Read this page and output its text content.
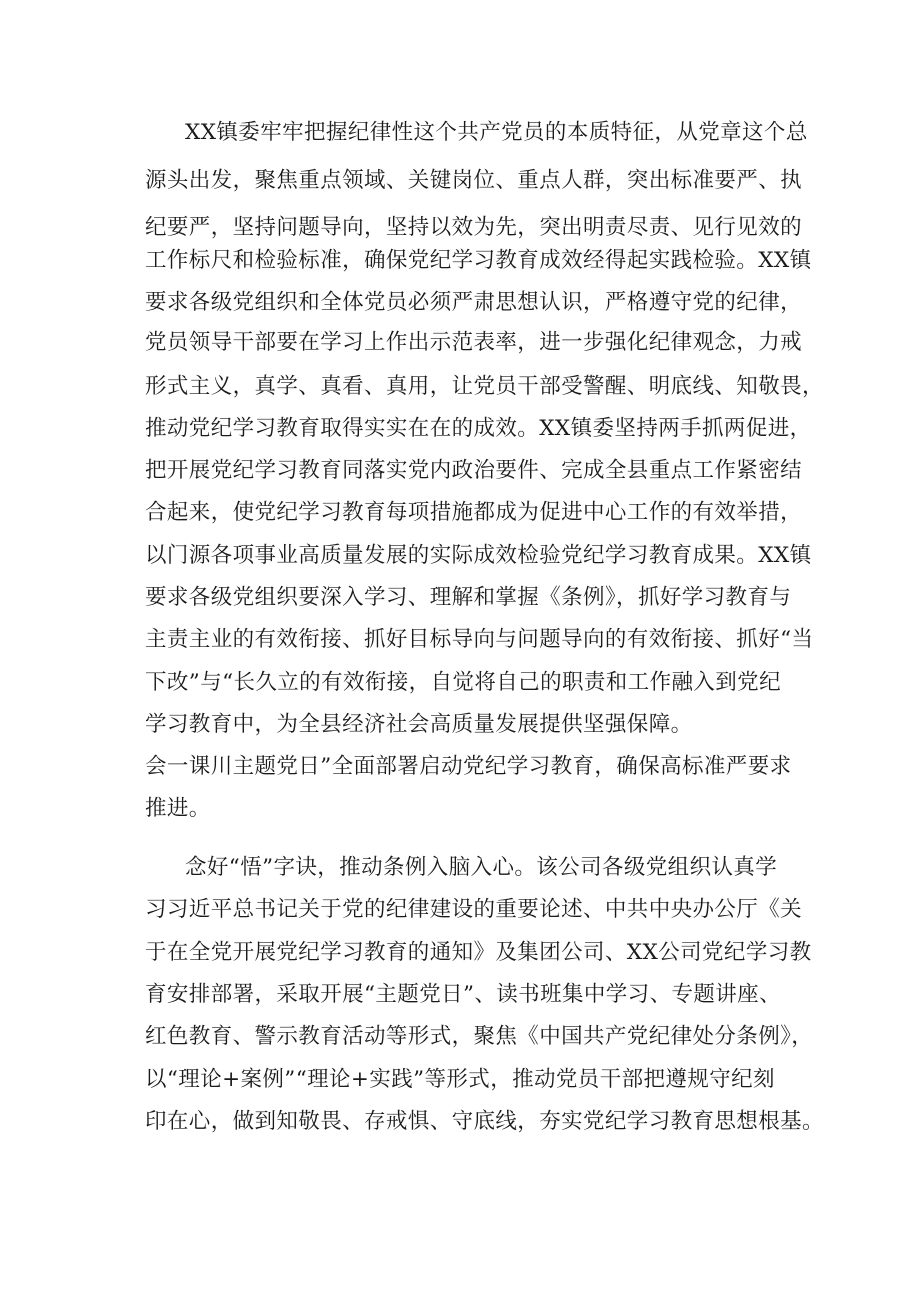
XX镇委牢牢把握纪律性这个共产党员的本质特征，从党章这个总
源头出发，聚焦重点领域、关键岗位、重点人群，突出标准要严、执
纪要严，坚持问题导向，坚持以效为先，突出明责尽责、见行见效的
工作标尺和检验标准，确保党纪学习教育成效经得起实践检验。XX镇
要求各级党组织和全体党员必须严肃思想认识，严格遵守党的纪律，
党员领导干部要在学习上作出示范表率，进一步强化纪律观念，力戒
形式主义，真学、真看、真用，让党员干部受警醒、明底线、知敬畏，
推动党纪学习教育取得实实在在的成效。XX镇委坚持两手抓两促进，
把开展党纪学习教育同落实党内政治要件、完成全县重点工作紧密结
合起来，使党纪学习教育每项措施都成为促进中心工作的有效举措，
以门源各项事业高质量发展的实际成效检验党纪学习教育成果。XX镇
要求各级党组织要深入学习、理解和掌握《条例》，抓好学习教育与
主责主业的有效衔接、抓好目标导向与问题导向的有效衔接、抓好“当
下改”与“长久立的有效衔接，自觉将自己的职责和工作融入到党纪
学习教育中，为全县经济社会高质量发展提供坚强保障。
会一课川主题党日”全面部署启动党纪学习教育，确保高标准严要求
推进。
念好“悟”字诀，推动条例入脑入心。该公司各级党组织认真学
习习近平总书记关于党的纪律建设的重要论述、中共中央办公厅《关
于在全党开展党纪学习教育的通知》及集团公司、XX公司党纪学习教
育安排部署，采取开展“主题党日”、读书班集中学习、专题讲座、
红色教育、警示教育活动等形式，聚焦《中国共产党纪律处分条例》，
以“理论+案例”“理论+实践”等形式，推动党员干部把遵规守纪刻
印在心，做到知敬畏、存戒惧、守底线，夯实党纪学习教育思想根基。
